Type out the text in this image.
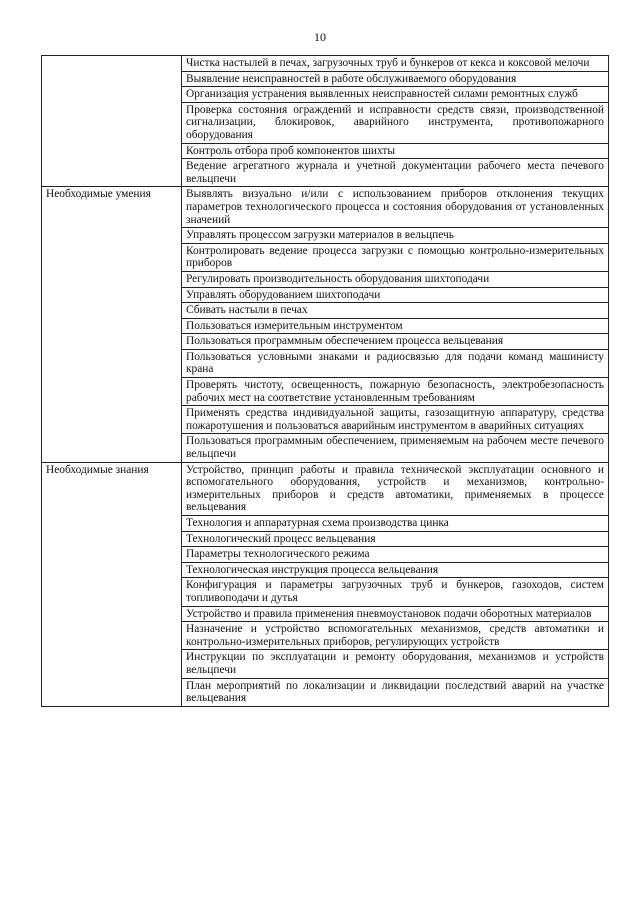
10
	Чистка настылей в печах, загрузочных труб и бункеров от кекса и коксовой мелочи
	Выявление неисправностей в работе обслуживаемого оборудования
	Организация устранения выявленных неисправностей силами ремонтных служб
	Проверка состояния ограждений и исправности средств связи, производственной сигнализации, блокировок, аварийного инструмента, противопожарного оборудования
	Контроль отбора проб компонентов шихты
	Ведение агрегатного журнала и учетной документации рабочего места печевого вельцпечи
Необходимые умения	Выявлять визуально и/или с использованием приборов отклонения текущих параметров технологического процесса и состояния оборудования от установленных значений
	Управлять процессом загрузки материалов в вельцпечь
	Контролировать ведение процесса загрузки с помощью контрольно-измерительных приборов
	Регулировать производительность оборудования шихтоподачи
	Управлять оборудованием шихтоподачи
	Сбивать настыли в печах
	Пользоваться измерительным инструментом
	Пользоваться программным обеспечением процесса вельцевания
	Пользоваться условными знаками и радиосвязью для подачи команд машинисту крана
	Проверять чистоту, освещенность, пожарную безопасность, электробезопасность рабочих мест на соответствие установленным требованиям
	Применять средства индивидуальной защиты, газозащитную аппаратуру, средства пожаротушения и пользоваться аварийным инструментом в аварийных ситуациях
	Пользоваться программным обеспечением, применяемым на рабочем месте печевого вельцпечи
Необходимые знания	Устройство, принцип работы и правила технической эксплуатации основного и вспомогательного оборудования, устройств и механизмов, контрольно-измерительных приборов и средств автоматики, применяемых в процессе вельцевания
	Технология и аппаратурная схема производства цинка
	Технологический процесс вельцевания
	Параметры технологического режима
	Технологическая инструкция процесса вельцевания
	Конфигурация и параметры загрузочных труб и бункеров, газоходов, систем топливоподачи и дутья
	Устройство и правила применения пневмоустановок подачи оборотных материалов
	Назначение и устройство вспомогательных механизмов, средств автоматики и контрольно-измерительных приборов, регулирующих устройств
	Инструкции по эксплуатации и ремонту оборудования, механизмов и устройств вельцпечи
	План мероприятий по локализации и ликвидации последствий аварий на участке вельцевания
